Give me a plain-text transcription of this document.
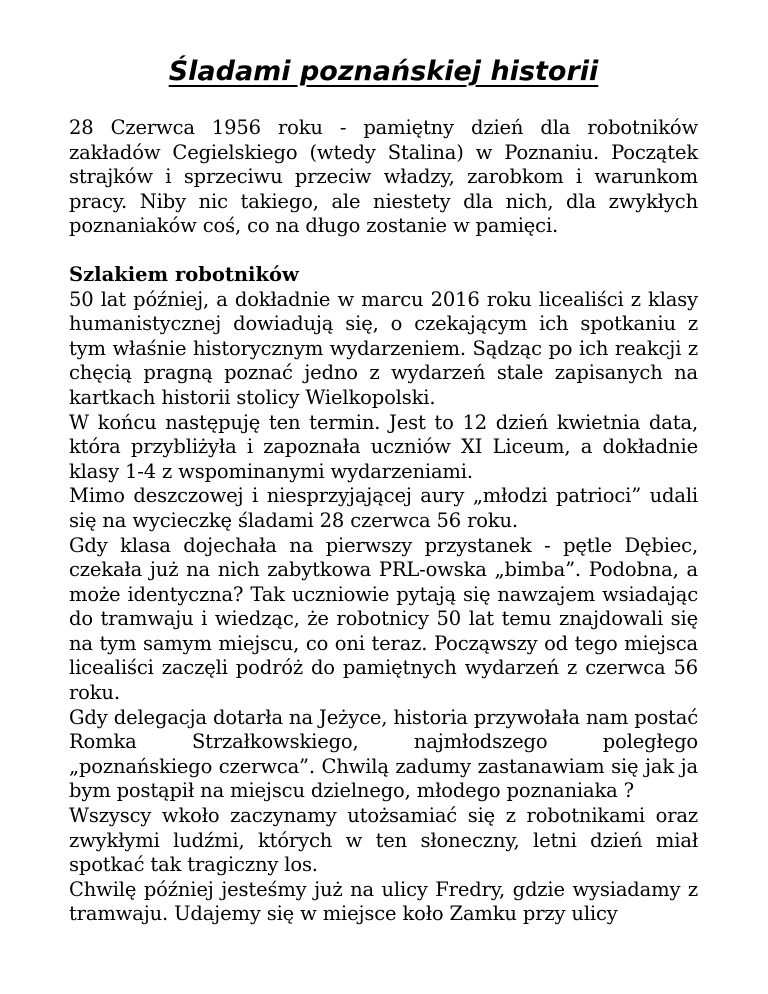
Śladami poznańskiej historii

28 Czerwca 1956 roku - pamiętny dzień dla robotników zakładów Cegielskiego (wtedy Stalina) w Poznaniu. Początek strajków i sprzeciwu przeciw władzy, zarobkom i warunkom pracy. Niby nic takiego, ale niestety dla nich, dla zwykłych poznaniaków coś, co na długo zostanie w pamięci.

Szlakiem robotników

50 lat później, a dokładnie w marcu 2016 roku licealiści z klasy humanistycznej dowiadują się, o czekającym ich spotkaniu z tym właśnie historycznym wydarzeniem. Sądząc po ich reakcji z chęcią pragną poznać jedno z wydarzeń stale zapisanych na kartkach historii stolicy Wielkopolski.

W końcu następuję ten termin. Jest to 12 dzień kwietnia data, która przybliżyła i zapoznała uczniów XI Liceum, a dokładnie klasy 1-4 z wspominanymi wydarzeniami.

Mimo deszczowej i niesprzyjającej aury „młodzi patrioci” udali się na wycieczkę śladami 28 czerwca 56 roku.

Gdy klasa dojechała na pierwszy przystanek - pętle Dębiec, czekała już na nich zabytkowa PRL-owska „bimba”. Podobna, a może identyczna? Tak uczniowie pytają się nawzajem wsiadając do tramwaju i wiedząc, że robotnicy 50 lat temu znajdowali się na tym samym miejscu, co oni teraz. Począwszy od tego miejsca licealiści zaczęli podróż do pamiętnych wydarzeń z czerwca 56 roku.

Gdy delegacja dotarła na Jeżyce, historia przywołała nam postać Romka Strzałkowskiego, najmłodszego poległego „poznańskiego czerwca”. Chwilą zadumy zastanawiam się jak ja bym postąpił na miejscu dzielnego, młodego poznaniaka ?

Wszyscy wkoło zaczynamy utożsamiać się z robotnikami oraz zwykłymi ludźmi, których w ten słoneczny, letni dzień miał spotkać tak tragiczny los.

Chwilę później jesteśmy już na ulicy Fredry, gdzie wysiadamy z tramwaju. Udajemy się w miejsce koło Zamku przy ulicy
